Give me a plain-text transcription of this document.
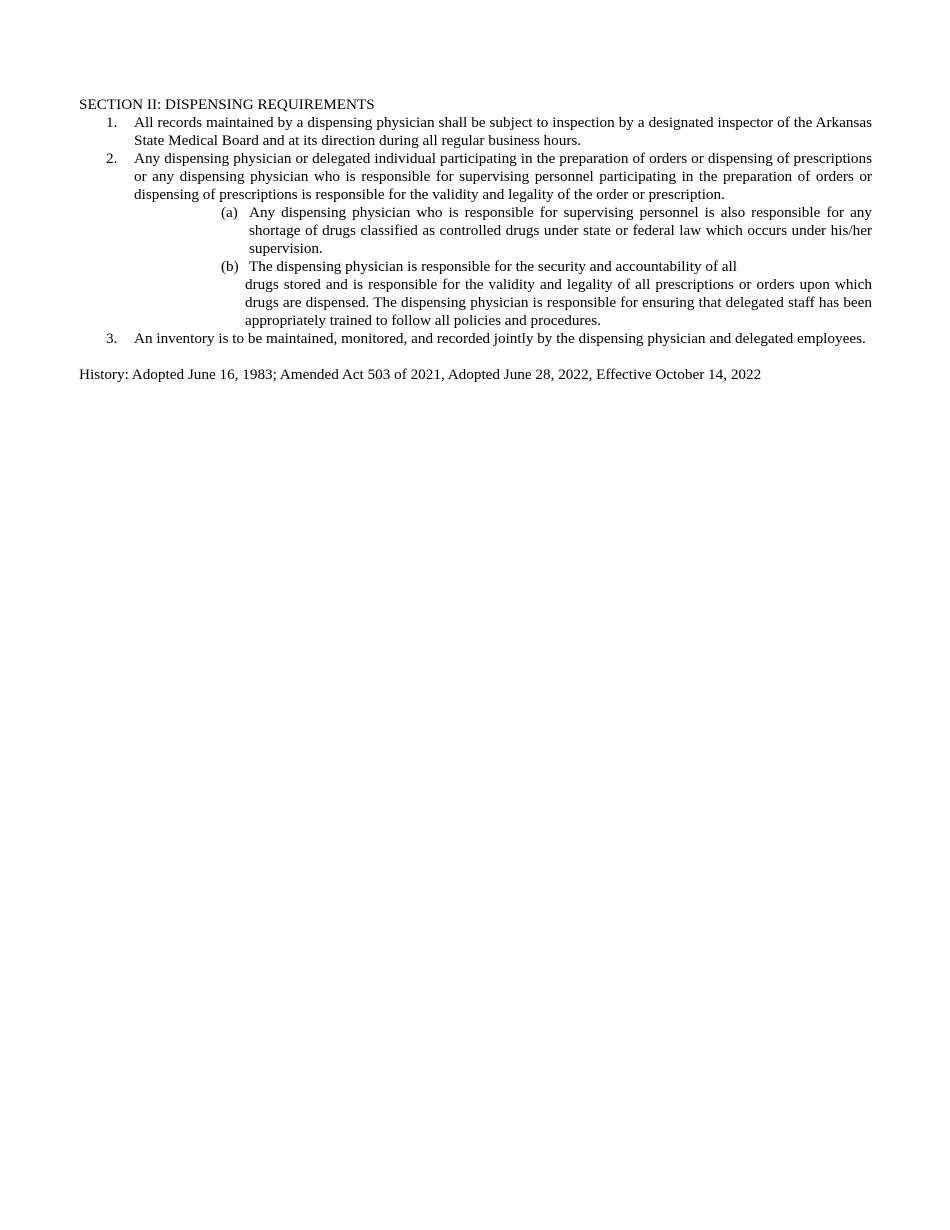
SECTION II: DISPENSING REQUIREMENTS
1. All records maintained by a dispensing physician shall be subject to inspection by a designated inspector of the Arkansas State Medical Board and at its direction during all regular business hours.
2. Any dispensing physician or delegated individual participating in the preparation of orders or dispensing of prescriptions or any dispensing physician who is responsible for supervising personnel participating in the preparation of orders or dispensing of prescriptions is responsible for the validity and legality of the order or prescription.
(a) Any dispensing physician who is responsible for supervising personnel is also responsible for any shortage of drugs classified as controlled drugs under state or federal law which occurs under his/her supervision.
(b) The dispensing physician is responsible for the security and accountability of all
drugs stored and is responsible for the validity and legality of all prescriptions or orders upon which drugs are dispensed. The dispensing physician is responsible for ensuring that delegated staff has been appropriately trained to follow all policies and procedures.
3. An inventory is to be maintained, monitored, and recorded jointly by the dispensing physician and delegated employees.
History: Adopted June 16, 1983; Amended Act 503 of 2021, Adopted June 28, 2022, Effective October 14, 2022
